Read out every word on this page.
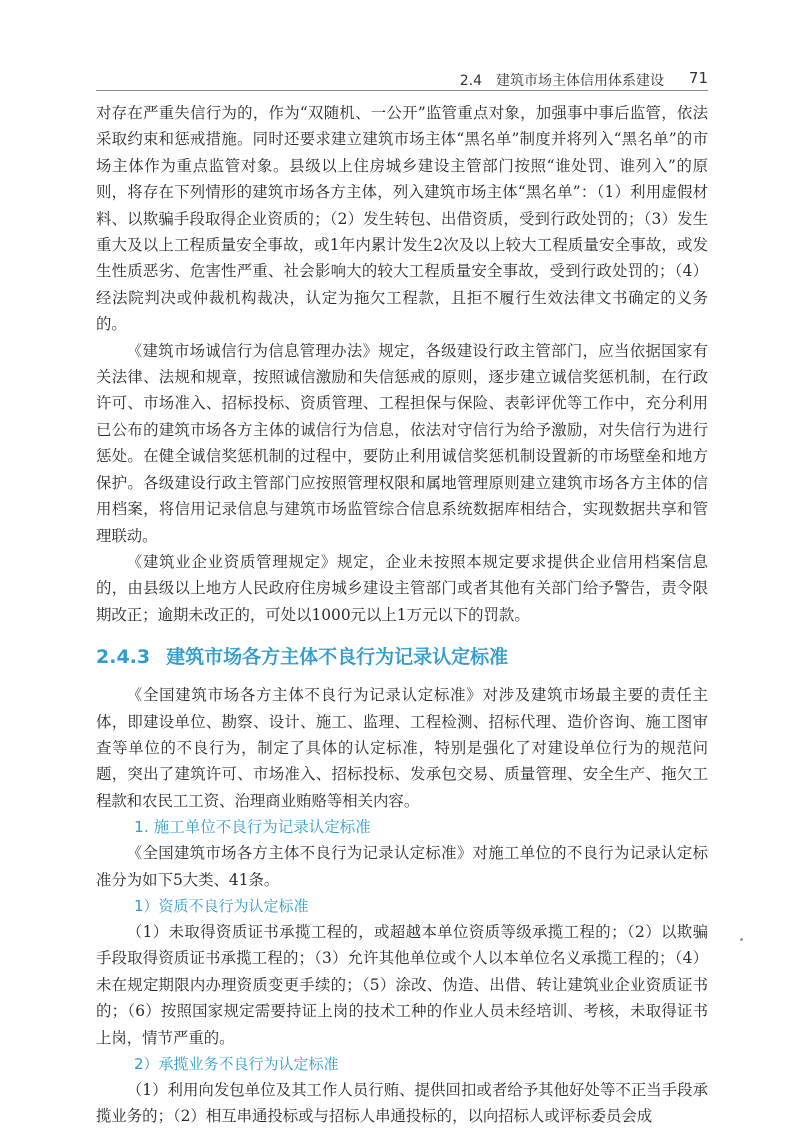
2.4　建筑市场主体信用体系建设 71

对存在严重失信行为的，作为“双随机、一公开”监管重点对象，加强事中事后监管，依法采取约束和惩戒措施。同时还要求建立建筑市场主体“黑名单”制度并将列入“黑名单”的市场主体作为重点监管对象。县级以上住房城乡建设主管部门按照“谁处罚、谁列入”的原则，将存在下列情形的建筑市场各方主体，列入建筑市场主体“黑名单”：（1）利用虚假材料、以欺骗手段取得企业资质的；（2）发生转包、出借资质，受到行政处罚的；（3）发生重大及以上工程质量安全事故，或1年内累计发生2次及以上较大工程质量安全事故，或发生性质恶劣、危害性严重、社会影响大的较大工程质量安全事故，受到行政处罚的；（4）经法院判决或仲裁机构裁决，认定为拖欠工程款，且拒不履行生效法律文书确定的义务的。

《建筑市场诚信行为信息管理办法》规定，各级建设行政主管部门，应当依据国家有关法律、法规和规章，按照诚信激励和失信惩戒的原则，逐步建立诚信奖惩机制，在行政许可、市场准入、招标投标、资质管理、工程担保与保险、表彰评优等工作中，充分利用已公布的建筑市场各方主体的诚信行为信息，依法对守信行为给予激励，对失信行为进行惩处。在健全诚信奖惩机制的过程中，要防止利用诚信奖惩机制设置新的市场壁垒和地方保护。各级建设行政主管部门应按照管理权限和属地管理原则建立建筑市场各方主体的信用档案，将信用记录信息与建筑市场监管综合信息系统数据库相结合，实现数据共享和管理联动。

《建筑业企业资质管理规定》规定，企业未按照本规定要求提供企业信用档案信息的，由县级以上地方人民政府住房城乡建设主管部门或者其他有关部门给予警告，责令限期改正；逾期未改正的，可处以1000元以上1万元以下的罚款。

2.4.3 建筑市场各方主体不良行为记录认定标准

《全国建筑市场各方主体不良行为记录认定标准》对涉及建筑市场最主要的责任主体，即建设单位、勘察、设计、施工、监理、工程检测、招标代理、造价咨询、施工图审查等单位的不良行为，制定了具体的认定标准，特别是强化了对建设单位行为的规范问题，突出了建筑许可、市场准入、招标投标、发承包交易、质量管理、安全生产、拖欠工程款和农民工工资、治理商业贿赂等相关内容。

1. 施工单位不良行为记录认定标准

《全国建筑市场各方主体不良行为记录认定标准》对施工单位的不良行为记录认定标准分为如下5大类、41条。

1）资质不良行为认定标准

（1）未取得资质证书承揽工程的，或超越本单位资质等级承揽工程的；（2）以欺骗手段取得资质证书承揽工程的；（3）允许其他单位或个人以本单位名义承揽工程的；（4）未在规定期限内办理资质变更手续的；（5）涂改、伪造、出借、转让建筑业企业资质证书的；（6）按照国家规定需要持证上岗的技术工种的作业人员未经培训、考核，未取得证书上岗，情节严重的。

2）承揽业务不良行为认定标准

（1）利用向发包单位及其工作人员行贿、提供回扣或者给予其他好处等不正当手段承揽业务的；（2）相互串通投标或与招标人串通投标的，以向招标人或评标委员会成
